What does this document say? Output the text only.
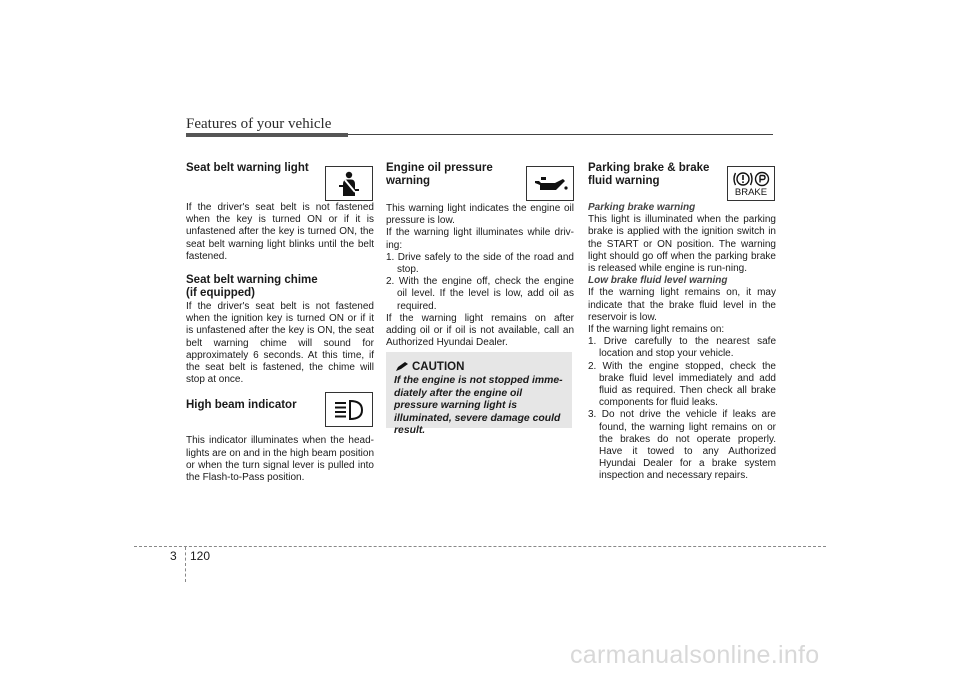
Features of your vehicle

Seat belt warning light

If the driver's seat belt is not fastened when the key is turned ON or if it is unfastened after the key is turned ON, the seat belt warning light blinks until the belt fastened.

Seat belt warning chime
(if equipped)

If the driver's seat belt is not fastened when the ignition key is turned ON or if it is unfastened after the key is ON, the seat belt warning chime will sound for approximately 6 seconds. At this time, if the seat belt is fastened, the chime will stop at once.

High beam indicator

This indicator illuminates when the head-lights are on and in the high beam position or when the turn signal lever is pulled into the Flash-to-Pass position.

Engine oil pressure
warning

This warning light indicates the engine oil pressure is low.

If the warning light illuminates while driv-ing:

1. Drive safely to the side of the road and stop.
2. With the engine off, check the engine oil level. If the level is low, add oil as required.

If the warning light remains on after adding oil or if oil is not available, call an Authorized Hyundai Dealer.

CAUTION
If the engine is not stopped imme-diately after the engine oil pressure warning light is illuminated, severe damage could result.

Parking brake & brake
fluid warning

Parking brake warning

This light is illuminated when the parking brake is applied with the ignition switch in the START or ON position. The warning light should go off when the parking brake is released while engine is run-ning.

Low brake fluid level warning

If the warning light remains on, it may indicate that the brake fluid level in the reservoir is low.

If the warning light remains on:

1. Drive carefully to the nearest safe location and stop your vehicle.
2. With the engine stopped, check the brake fluid level immediately and add fluid as required. Then check all brake components for fluid leaks.
3. Do not drive the vehicle if leaks are found, the warning light remains on or the brakes do not operate properly. Have it towed to any Authorized Hyundai Dealer for a brake system inspection and necessary repairs.
BRAKE
3 120
carmanualsonline.info
